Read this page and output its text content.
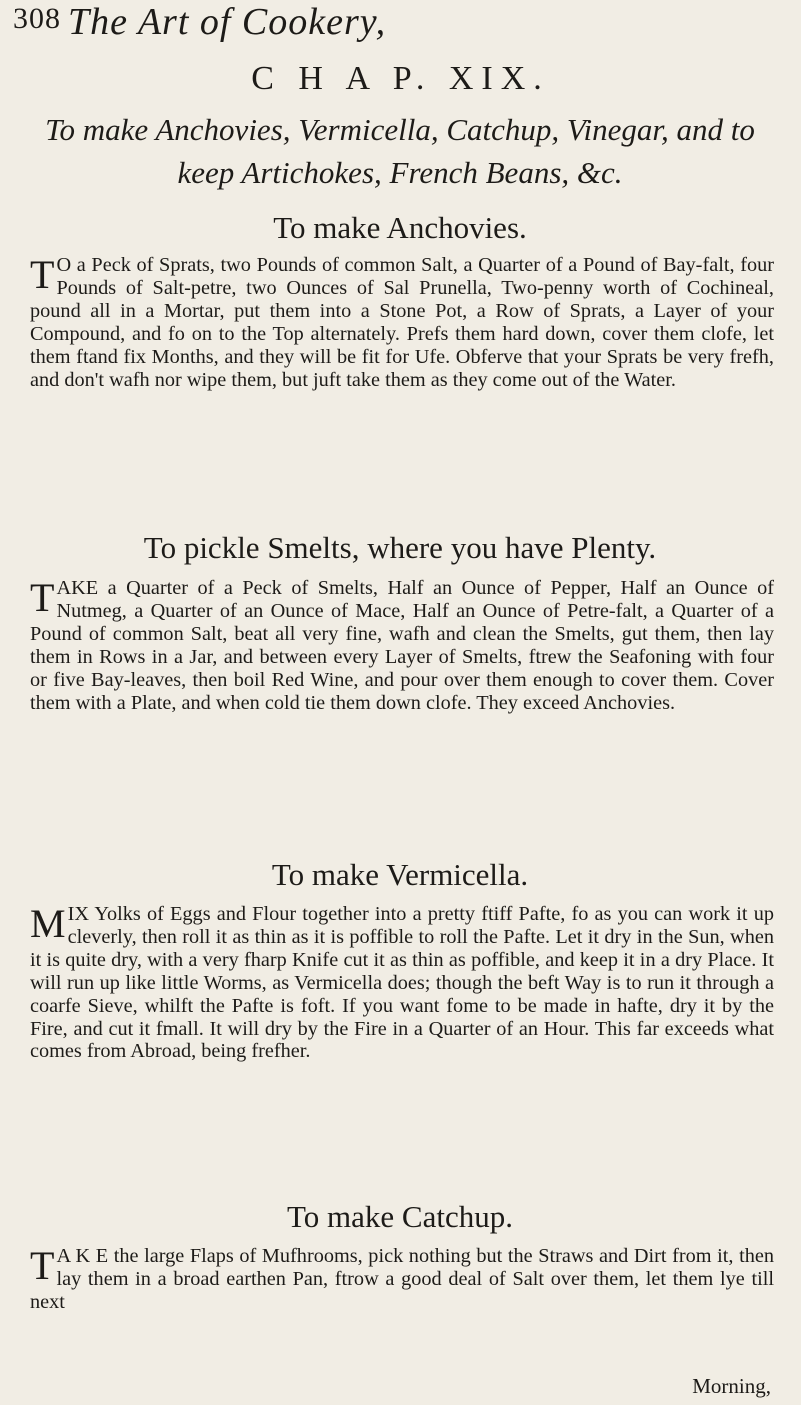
308 The Art of Cookery,
C H A P. XIX.
To make Anchovies, Vermicella, Catchup, Vinegar, and to keep Artichokes, French Beans, &c.
To make Anchovies.

T O a Peck of Sprats, two Pounds of common Salt, a Quarter of a Pound of Bay-falt, four Pounds of Salt-petre, two Ounces of Sal Prunella, Two-penny worth of Cochineal, pound all in a Mortar, put them into a Stone Pot, a Row of Sprats, a Layer of your Compound, and fo on to the Top alternately. Prefs them hard down, cover them clofe, let them ftand fix Months, and they will be fit for Ufe. Obferve that your Sprats be very frefh, and don't wafh nor wipe them, but juft take them as they come out of the Water.

To pickle Smelts, where you have Plenty.

T AKE a Quarter of a Peck of Smelts, Half an Ounce of Pepper, Half an Ounce of Nutmeg, a Quarter of an Ounce of Mace, Half an Ounce of Petre-falt, a Quarter of a Pound of common Salt, beat all very fine, wafh and clean the Smelts, gut them, then lay them in Rows in a Jar, and between every Layer of Smelts, ftrew the Seafoning with four or five Bay-leaves, then boil Red Wine, and pour over them enough to cover them. Cover them with a Plate, and when cold tie them down clofe. They exceed Anchovies.

To make Vermicella.

M IX Yolks of Eggs and Flour together into a pretty ftiff Pafte, fo as you can work it up cleverly, then roll it as thin as it is poffible to roll the Pafte. Let it dry in the Sun, when it is quite dry, with a very fharp Knife cut it as thin as poffible, and keep it in a dry Place. It will run up like little Worms, as Vermicella does; though the beft Way is to run it through a coarfe Sieve, whilft the Pafte is foft. If you want fome to be made in hafte, dry it by the Fire, and cut it fmall. It will dry by the Fire in a Quarter of an Hour. This far exceeds what comes from Abroad, being frefher.

To make Catchup.

T A K E the large Flaps of Mufhrooms, pick nothing but the Straws and Dirt from it, then lay them in a broad earthen Pan, ftrow a good deal of Salt over them, let them lye till next

Morning,
